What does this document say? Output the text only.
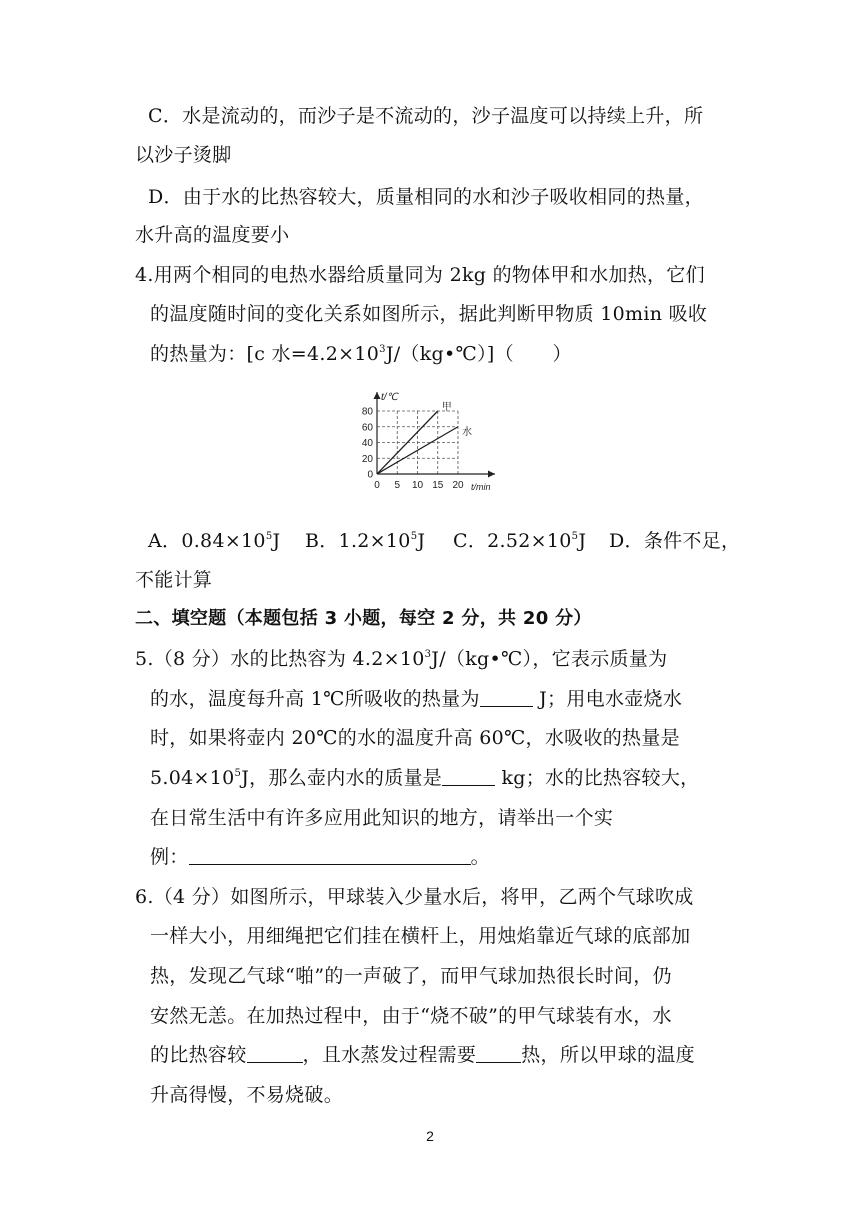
C．水是流动的，而沙子是不流动的，沙子温度可以持续上升，所
以沙子烫脚
D．由于水的比热容较大，质量相同的水和沙子吸收相同的热量，
水升高的温度要小
4.用两个相同的电热水器给质量同为 2kg 的物体甲和水加热，它们
的温度随时间的变化关系如图所示，据此判断甲物质 10min 吸收
的热量为：[c 水$=4.2\times 10^3J/(kg•℃)$]（　　）
0
20
40
60
80
0 5 10 15 20
t/℃
t/min
甲
水
A．$0.84\times 10^5J$ B．$1.2\times 10^5J$ C．$2.52\times 10^5J$ D．条件不足，
不能计算
二、填空题（本题包括 3 小题，每空 2 分，共 20 分）
5.（8 分）水的比热容为 $4.2\times 10^3J/(kg•℃)$，它表示质量为
的水，温度每升高 1℃所吸收的热量为	J；用电水壶烧水
时，如果将壶内 20℃的水的温度升高 60℃，水吸收的热量是
$5.04\times 10^5J$，那么壶内水的质量是	kg；水的比热容较大，
在日常生活中有许多应用此知识的地方，请举出一个实
例：	。
6.（4 分）如图所示，甲球装入少量水后，将甲，乙两个气球吹成
一样大小，用细绳把它们挂在横杆上，用烛焰靠近气球的底部加
热，发现乙气球“啪”的一声破了，而甲气球加热很长时间，仍
安然无恙。在加热过程中，由于“烧不破”的甲气球装有水，水
的比热容较	，且水蒸发过程需要 热，所以甲球的温度
升高得慢，不易烧破。
2
